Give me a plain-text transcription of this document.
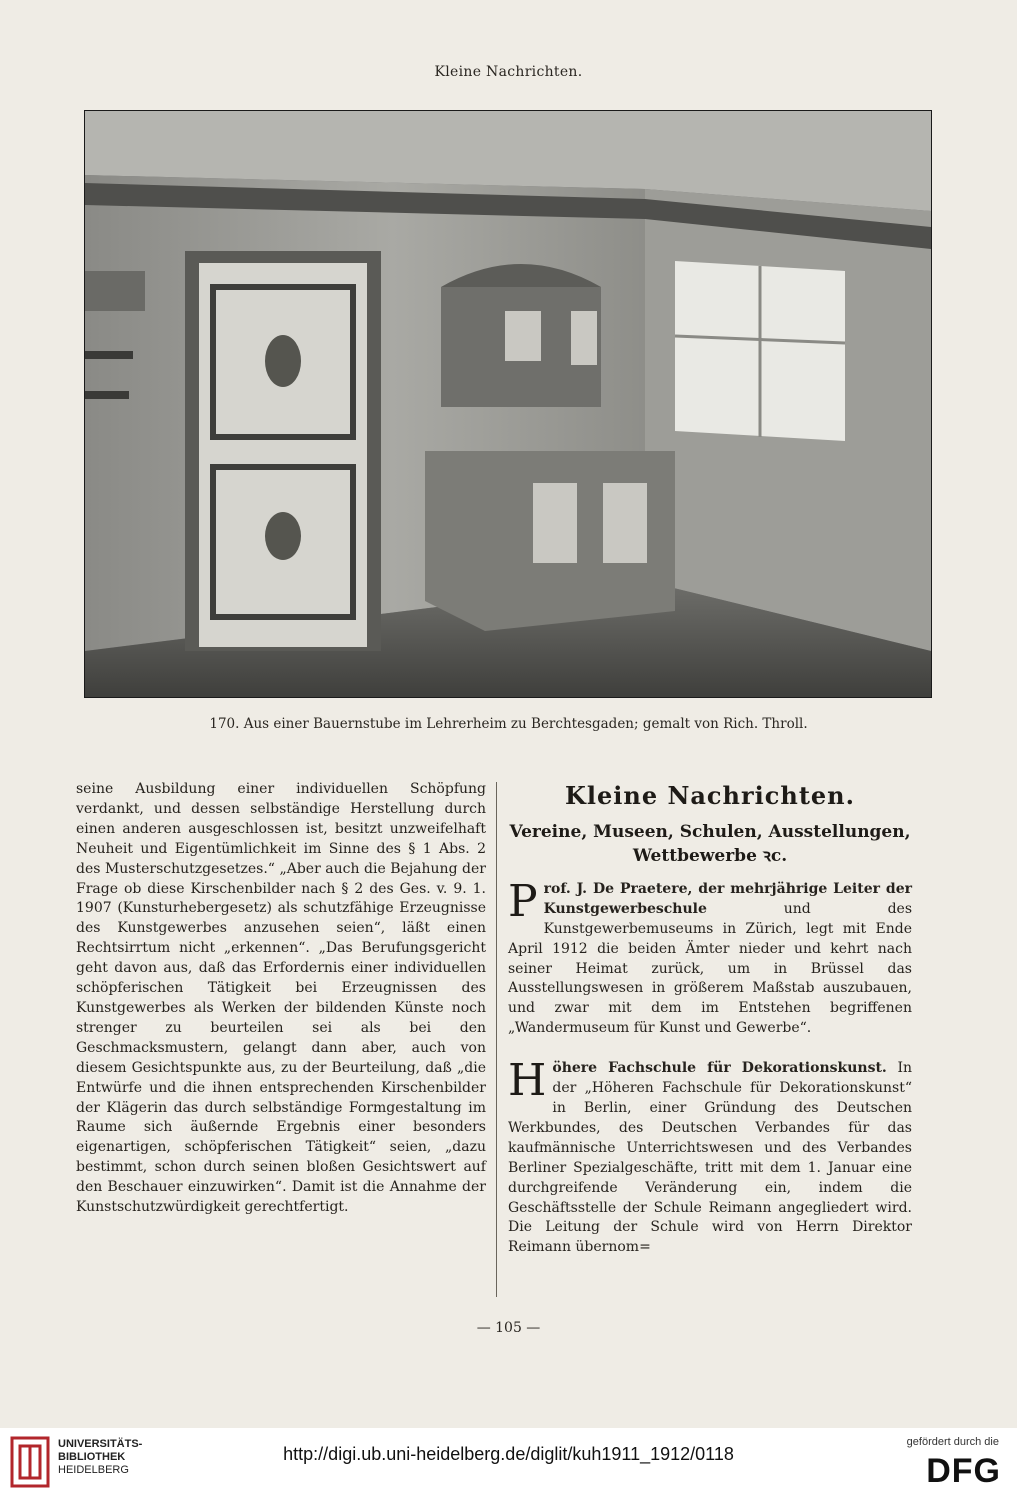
Kleine Nachrichten.
170. Aus einer Bauernstube im Lehrerheim zu Berchtesgaden; gemalt von Rich. Throll.

seine Ausbildung einer individuellen Schöpfung verdankt, und dessen selbständige Herstellung durch einen anderen ausgeschlossen ist, besitzt unzweifelhaft Neuheit und Eigentümlichkeit im Sinne des § 1 Abs. 2 des Musterschutzgesetzes.“ „Aber auch die Bejahung der Frage ob diese Kirschenbilder nach § 2 des Ges. v. 9. 1. 1907 (Kunsturhebergesetz) als schutzfähige Erzeugnisse des Kunstgewerbes anzusehen seien“, läßt einen Rechtsirrtum nicht „erkennen“. „Das Berufungsgericht geht davon aus, daß das Erfordernis einer individuellen schöpferischen Tätigkeit bei Erzeugnissen des Kunstgewerbes als Werken der bildenden Künste noch strenger zu beurteilen sei als bei den Geschmacksmustern, gelangt dann aber, auch von diesem Gesichtspunkte aus, zu der Beurteilung, daß „die Entwürfe und die ihnen entsprechenden Kirschenbilder der Klägerin das durch selbständige Formgestaltung im Raume sich äußernde Ergebnis einer besonders eigenartigen, schöpferischen Tätigkeit“ seien, „dazu bestimmt, schon durch seinen bloßen Gesichtswert auf den Beschauer einzuwirken“. Damit ist die Annahme der Kunstschutzwürdigkeit gerechtfertigt.

Kleine Nachrichten.
Vereine, Museen, Schulen, Ausstellungen,
Wettbewerbe ꝛc.

Prof. J. De Praetere, der mehrjährige Leiter der Kunstgewerbeschule und des Kunstgewerbemuseums in Zürich, legt mit Ende April 1912 die beiden Ämter nieder und kehrt nach seiner Heimat zurück, um in Brüssel das Ausstellungswesen in größerem Maßstab auszubauen, und zwar mit dem im Entstehen begriffenen „Wandermuseum für Kunst und Gewerbe“.

Höhere Fachschule für Dekorationskunst. In der „Höheren Fachschule für Dekorationskunst“ in Berlin, einer Gründung des Deutschen Werkbundes, des Deutschen Verbandes für das kaufmännische Unterrichtswesen und des Verbandes Berliner Spezialgeschäfte, tritt mit dem 1. Januar eine durchgreifende Veränderung ein, indem die Geschäftsstelle der Schule Reimann angegliedert wird. Die Leitung der Schule wird von Herrn Direktor Reimann übernom=

— 105 —
UNIVERSITÄTS-
BIBLIOTHEK
HEIDELBERG
http://digi.ub.uni-heidelberg.de/diglit/kuh1911_1912/0118
gefördert durch die
DFG
